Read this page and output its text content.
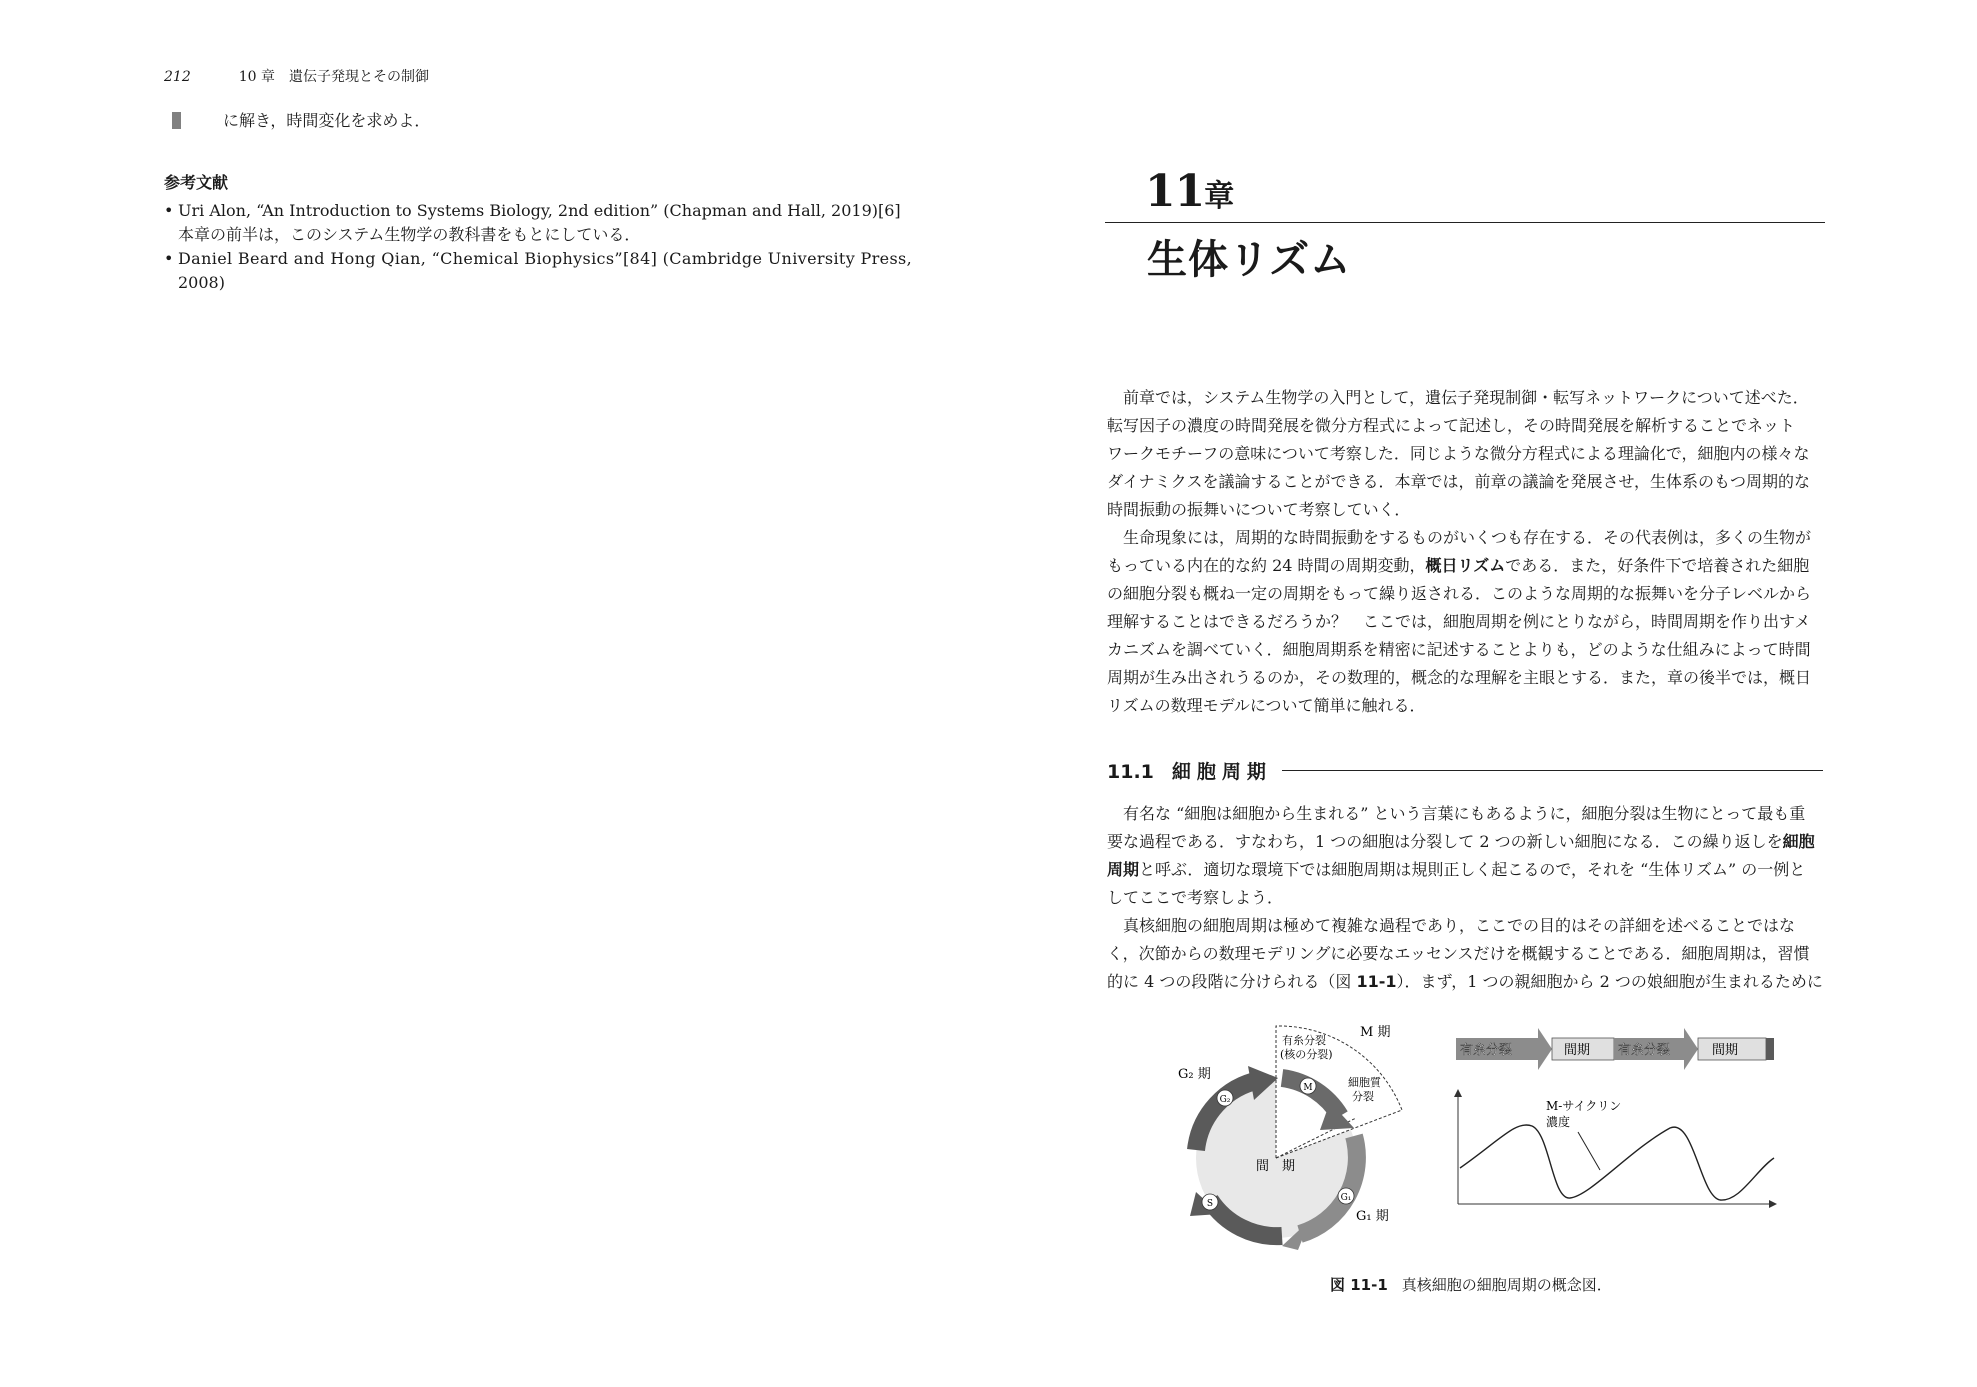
212	10 章　遺伝子発現とその制御
に解き，時間変化を求めよ．
参考文献
• Uri Alon, “An Introduction to Systems Biology, 2nd edition” (Chapman and Hall, 2019)[6]
本章の前半は，このシステム生物学の教科書をもとにしている．
• Daniel Beard and Hong Qian, “Chemical Biophysics”[84] (Cambridge University Press,
2008)
11章
生体リズム

前章では，システム生物学の入門として，遺伝子発現制御・転写ネットワークについて述べた．
転写因子の濃度の時間発展を微分方程式によって記述し，その時間発展を解析することでネット
ワークモチーフの意味について考察した．同じような微分方程式による理論化で，細胞内の様々な
ダイナミクスを議論することができる．本章では，前章の議論を発展させ，生体系のもつ周期的な
時間振動の振舞いについて考察していく．

生命現象には，周期的な時間振動をするものがいくつも存在する．その代表例は，多くの生物が
もっている内在的な約 24 時間の周期変動，概日リズムである．また，好条件下で培養された細胞
の細胞分裂も概ね一定の周期をもって繰り返される．このような周期的な振舞いを分子レベルから
理解することはできるだろうか？　ここでは，細胞周期を例にとりながら，時間周期を作り出すメ
カニズムを調べていく．細胞周期系を精密に記述することよりも，どのような仕組みによって時間
周期が生み出されうるのか，その数理的，概念的な理解を主眼とする．また，章の後半では，概日
リズムの数理モデルについて簡単に触れる．

11.1 細胞周期

有名な “細胞は細胞から生まれる” という言葉にもあるように，細胞分裂は生物にとって最も重
要な過程である．すなわち，1 つの細胞は分裂して 2 つの新しい細胞になる．この繰り返しを細胞
周期と呼ぶ．適切な環境下では細胞周期は規則正しく起こるので，それを “生体リズム” の一例と
してここで考察しよう．

真核細胞の細胞周期は極めて複雑な過程であり，ここでの目的はその詳細を述べることではな
く，次節からの数理モデリングに必要なエッセンスだけを概観することである．細胞周期は，習慣
的に 4 つの段階に分けられる（図 11-1）．まず，1 つの親細胞から 2 つの娘細胞が生まれるために

G₂
M
G₁
S
M 期
有糸分裂
(核の分裂)
細胞質
分裂
G₂ 期
G₁ 期
間　期
有糸分裂	間期 有糸分裂	間期
M-サイクリン
濃度
図 11-1 真核細胞の細胞周期の概念図．
